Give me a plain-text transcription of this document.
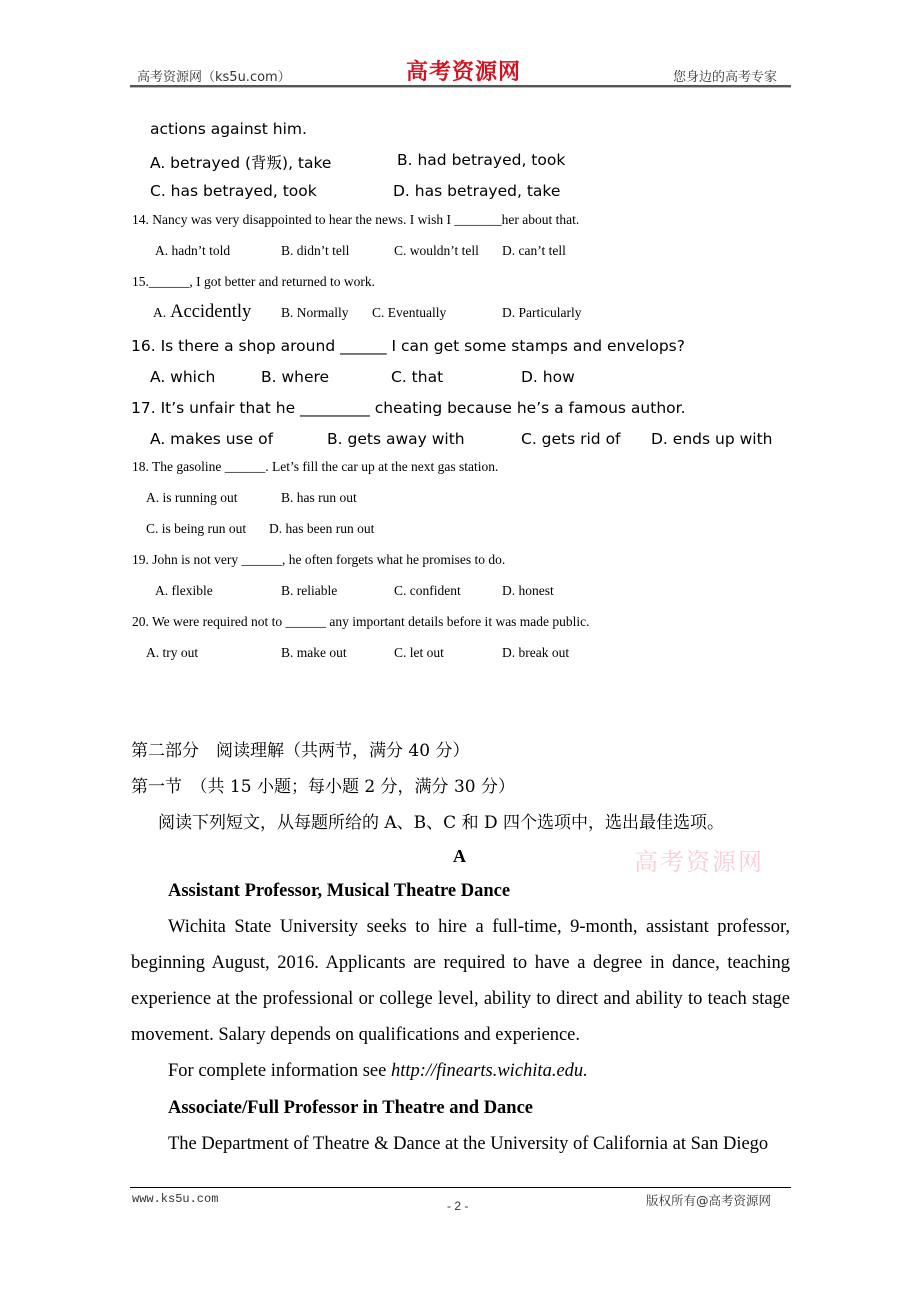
高考资源网（ks5u.com）	高考资源网	您身边的高考专家
actions against him.
A. betrayed (背叛), take	B. had betrayed, took
C. has betrayed, took	D. has betrayed, take
14. Nancy was very disappointed to hear the news. I wish I _______her about that.
A. hadn’t told	B. didn’t tell	C. wouldn’t tell D. can’t tell
15.______, I got better and returned to work.
A. Accidently B. Normally C. Eventually	D. Particularly
16. Is there a shop around ______ I can get some stamps and envelops?
A. which	B. where	C. that	D. how
17. It’s unfair that he _________ cheating because he’s a famous author.
A. makes use of	B. gets away with	C. gets rid of D. ends up with
18. The gasoline ______. Let’s fill the car up at the next gas station.
A. is running out	B. has run out
C. is being run out D. has been run out
19. John is not very ______, he often forgets what he promises to do.
A. flexible	B. reliable	C. confident	D. honest
20. We were required not to ______ any important details before it was made public.
A. try out	B. make out	C. let out	D. break out
第二部分　阅读理解（共两节，满分 40 分）
第一节　（共 15 小题；每小题 2 分，满分 30 分）
阅读下列短文，从每题所给的 A、B、C 和 D 四个选项中，选出最佳选项。
A	高考资源网
Assistant Professor, Musical Theatre Dance
Wichita State University seeks to hire a full-time, 9-month, assistant professor, beginning August, 2016. Applicants are required to have a degree in dance, teaching experience at the professional or college level, ability to direct and ability to teach stage movement. Salary depends on qualifications and experience.
For complete information see http://finearts.wichita.edu.
Associate/Full Professor in Theatre and Dance
The Department of Theatre & Dance at the University of California at San Diego
www.ks5u.com	- 2 -	版权所有@高考资源网
